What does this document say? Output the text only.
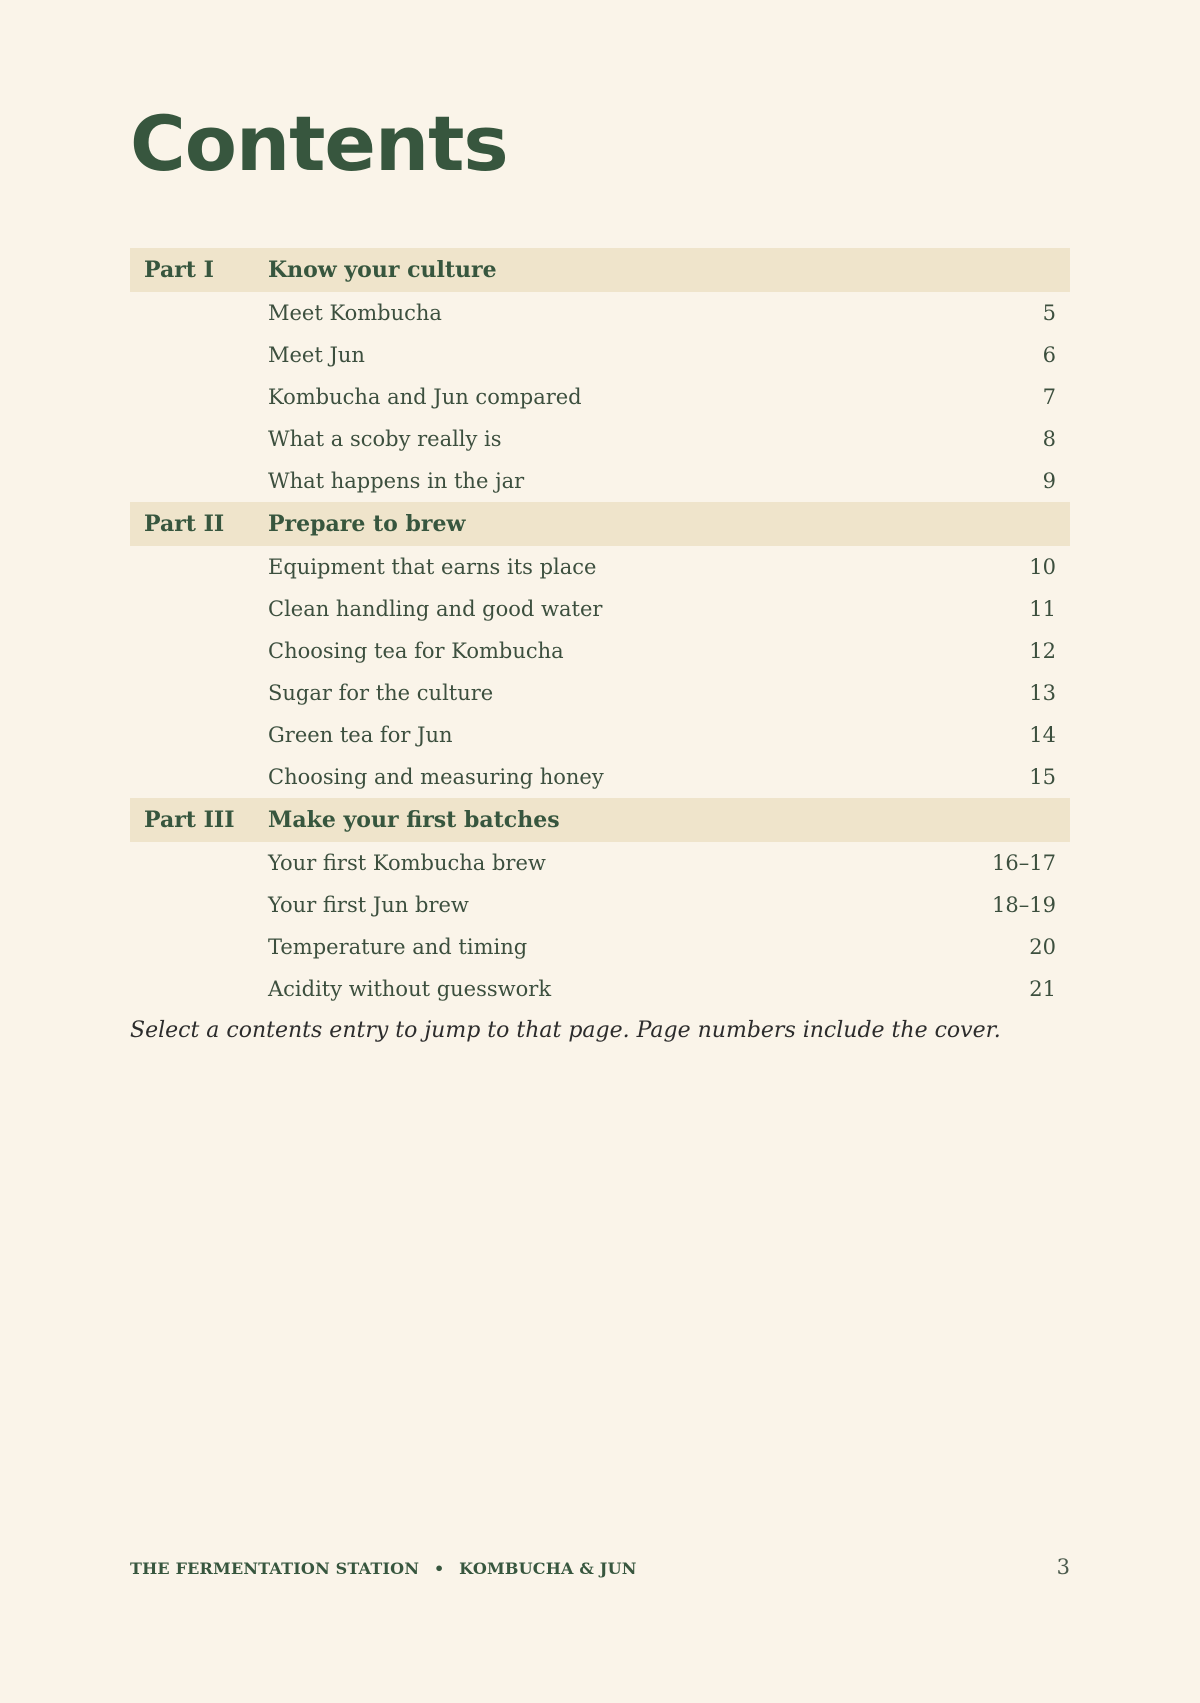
Contents
Part I	Know your culture
Meet Kombucha	5
Meet Jun	6
Kombucha and Jun compared	7
What a scoby really is	8
What happens in the jar	9
Part II	Prepare to brew
Equipment that earns its place	10
Clean handling and good water	11
Choosing tea for Kombucha	12
Sugar for the culture	13
Green tea for Jun	14
Choosing and measuring honey	15
Part III	Make your first batches
Your first Kombucha brew	16–17
Your first Jun brew	18–19
Temperature and timing	20
Acidity without guesswork	21

Select a contents entry to jump to that page. Page numbers include the cover.

THE FERMENTATION STATION • KOMBUCHA & JUN	3
